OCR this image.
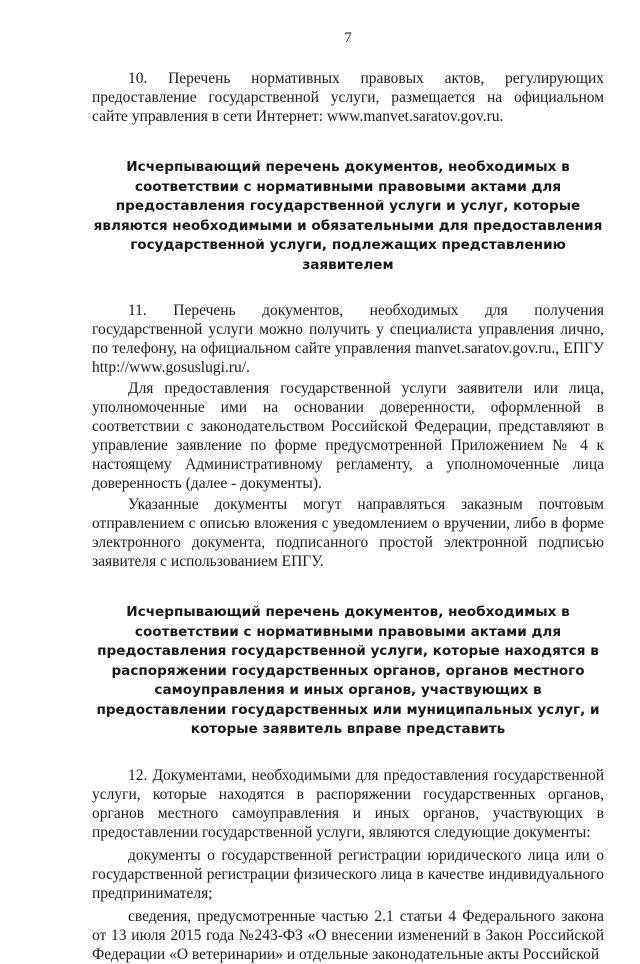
7

10. Перечень нормативных правовых актов, регулирующих предоставление государственной услуги, размещается на официальном сайте управления в сети Интернет: www.manvet.saratov.gov.ru.

Исчерпывающий перечень документов, необходимых в соответствии с нормативными правовыми актами для предоставления государственной услуги и услуг, которые являются необходимыми и обязательными для предоставления государственной услуги, подлежащих представлению заявителем

11. Перечень документов, необходимых для получения государственной услуги можно получить у специалиста управления лично, по телефону, на официальном сайте управления manvet.saratov.gov.ru., ЕПГУ http://www.gosuslugi.ru/.

Для предоставления государственной услуги заявители или лица, уполномоченные ими на основании доверенности, оформленной в соответствии с законодательством Российской Федерации, представляют в управление заявление по форме предусмотренной Приложением № 4 к настоящему Административному регламенту, а уполномоченные лица доверенность (далее - документы).

Указанные документы могут направляться заказным почтовым отправлением с описью вложения с уведомлением о вручении, либо в форме электронного документа, подписанного простой электронной подписью заявителя с использованием ЕПГУ.

Исчерпывающий перечень документов, необходимых в соответствии с нормативными правовыми актами для предоставления государственной услуги, которые находятся в распоряжении государственных органов, органов местного самоуправления и иных органов, участвующих в предоставлении государственных или муниципальных услуг, и которые заявитель вправе представить

12. Документами, необходимыми для предоставления государственной услуги, которые находятся в распоряжении государственных органов, органов местного самоуправления и иных органов, участвующих в предоставлении государственной услуги, являются следующие документы:

документы о государственной регистрации юридического лица или о государственной регистрации физического лица в качестве индивидуального предпринимателя;

сведения, предусмотренные частью 2.1 статьи 4 Федерального закона от 13 июля 2015 года №243-ФЗ «О внесении изменений в Закон Российской Федерации «О ветеринарии» и отдельные законодательные акты Российской
